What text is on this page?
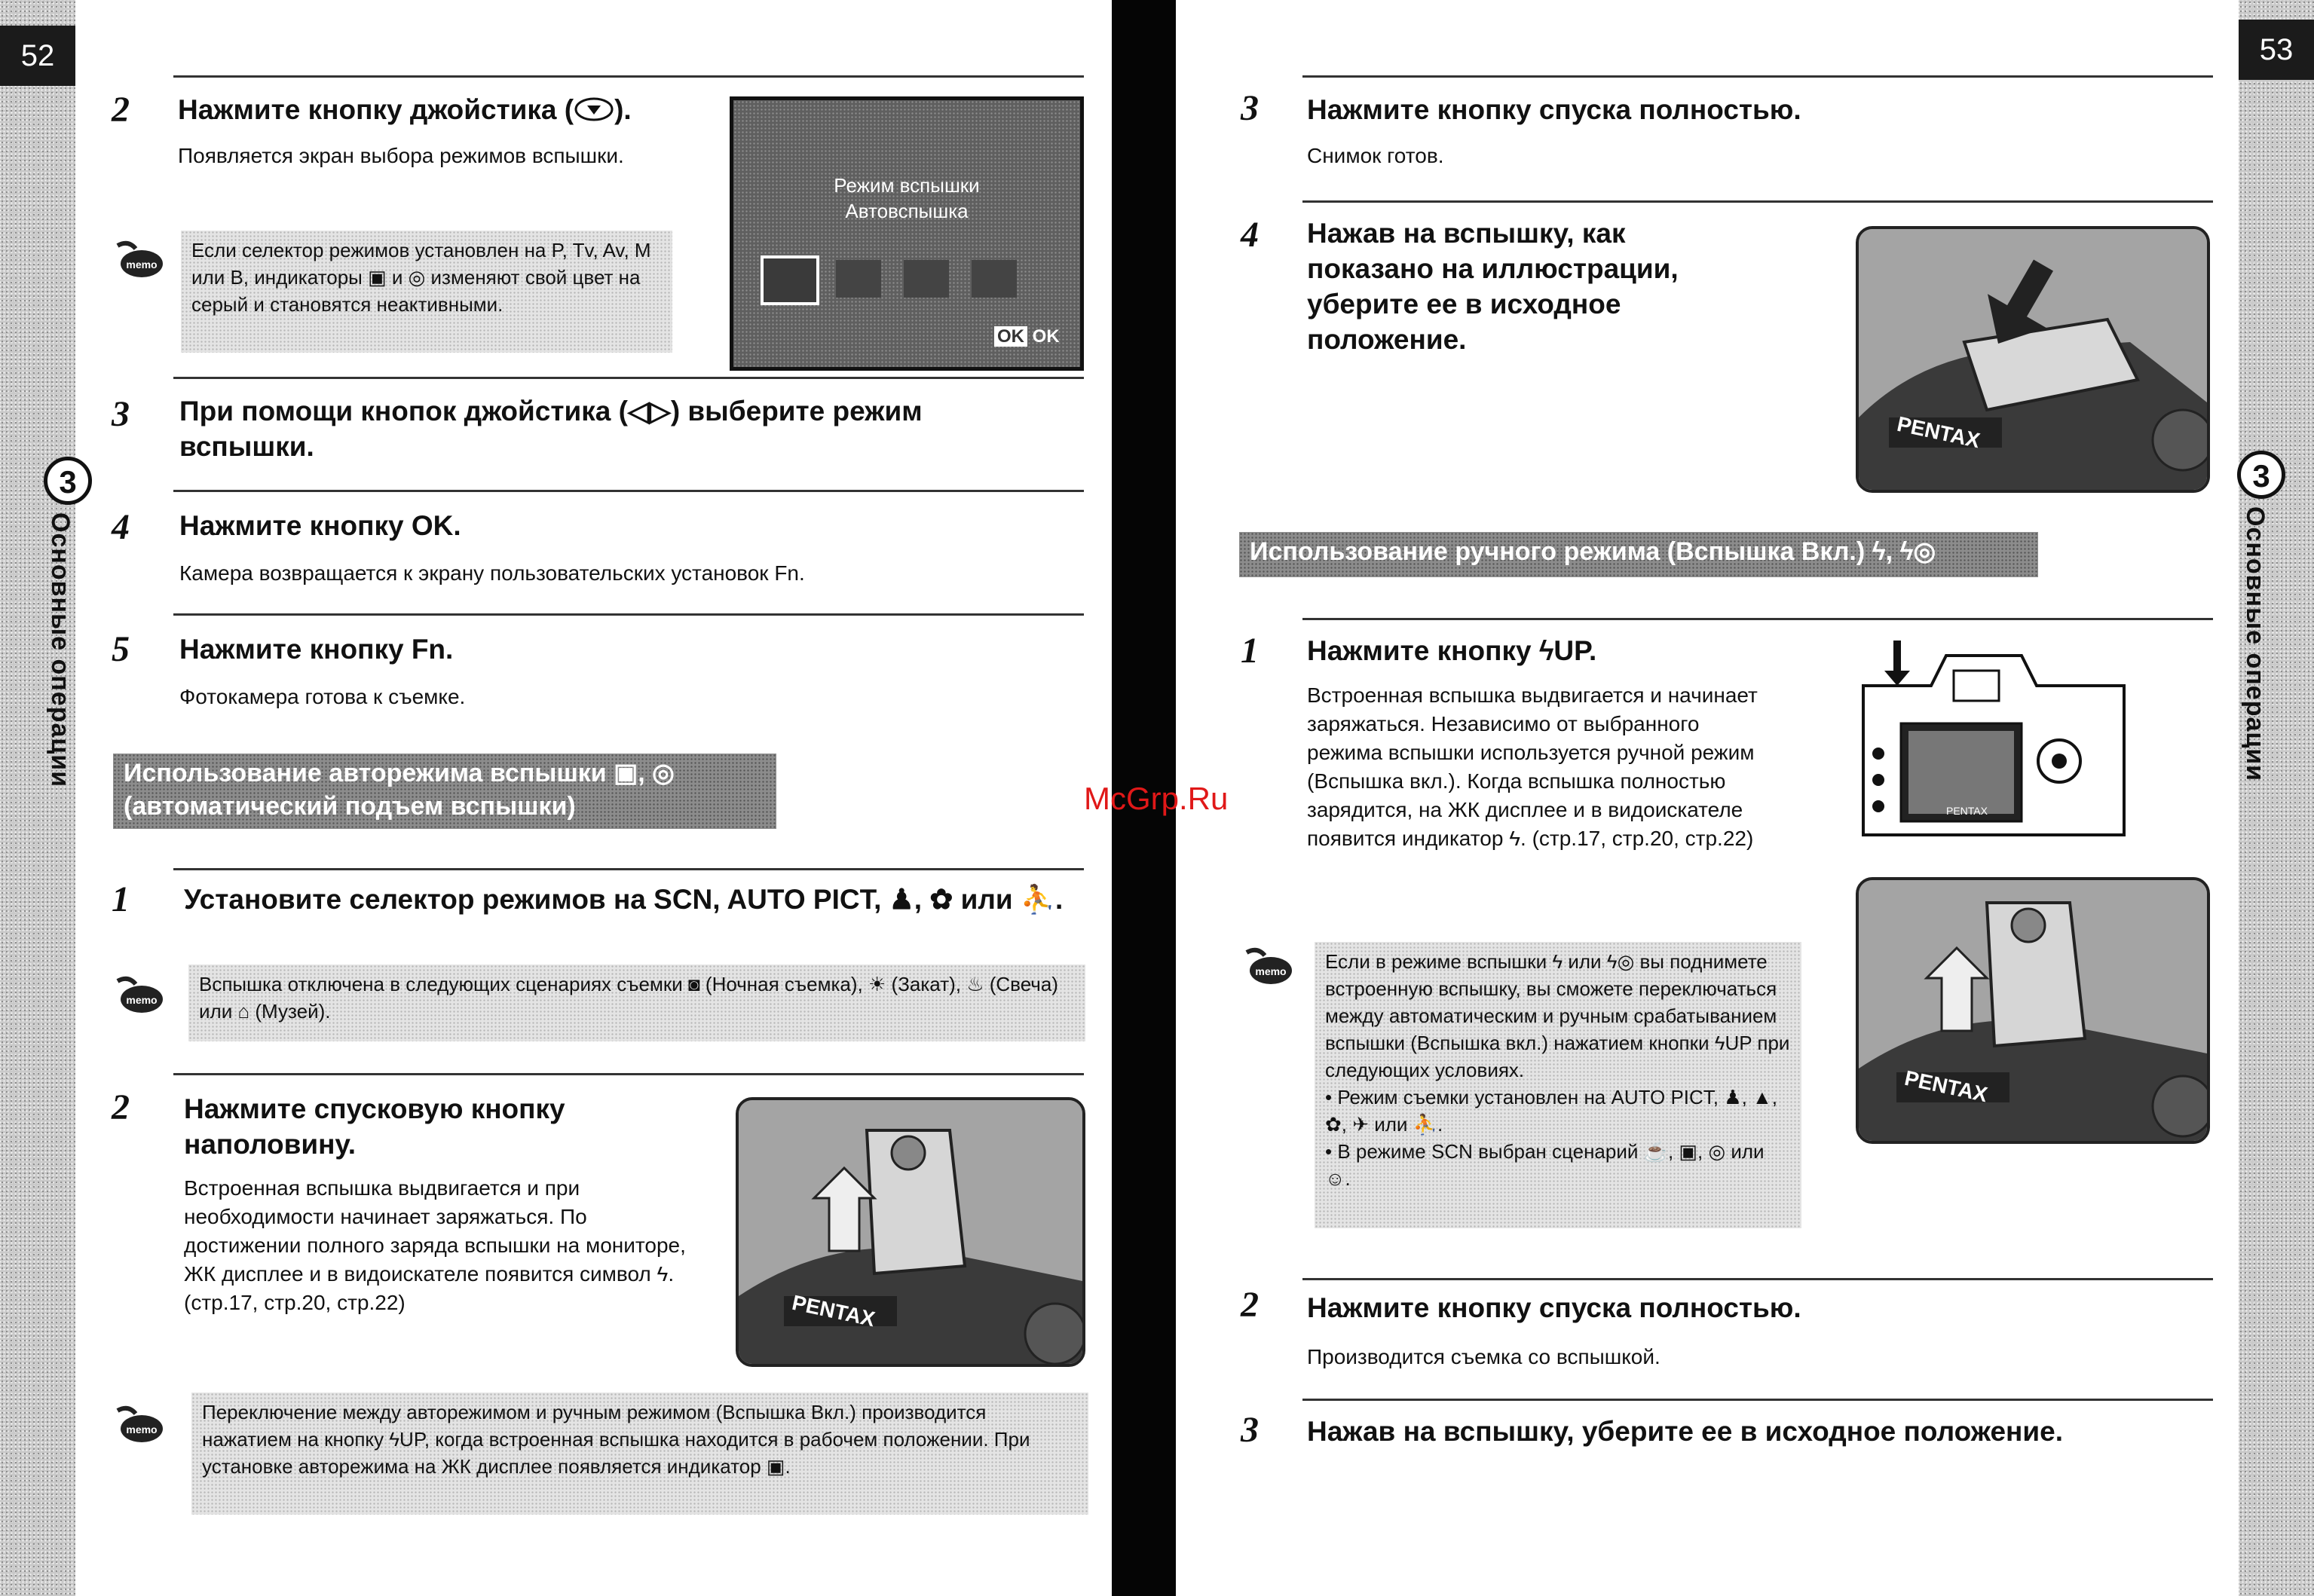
52	53
3
Основные операции
3
Основные операции
2 Нажмите кнопку джойстика ( ).
Появляется экран выбора режимов вспышки.
memo
Если селектор режимов установлен на P, Tv, Av, M или B, индикаторы ▣ и ◎ изменяют свой цвет на серый и становятся неактивными.
Режим вспышки
Автовспышка
OK OK
3 При помощи кнопок джойстика (◁▷) выберите режим вспышки.
4 Нажмите кнопку OK.
Камера возвращается к экрану пользовательских установок Fn.
5 Нажмите кнопку Fn.
Фотокамера готова к съемке.
Использование авторежима вспышки ▣, ◎ (автоматический подъем вспышки)
1 Установите селектор режимов на SCN, AUTO PICT, ♟, ✿ или ⛹.
memo
Вспышка отключена в следующих сценариях съемки ◙ (Ночная съемка), ☀ (Закат), ♨ (Свеча) или ⌂ (Музей).
2 Нажмите спусковую кнопку наполовину.
Встроенная вспышка выдвигается и при необходимости начинает заряжаться. По достижении полного заряда вспышки на мониторе, ЖК дисплее и в видоискателе появится символ ϟ. (стр.17, стр.20, стр.22)	PENTAX
memo
Переключение между авторежимом и ручным режимом (Вспышка Вкл.) производится нажатием на кнопку ϟUP, когда встроенная вспышка находится в рабочем положении. При установке авторежима на ЖК дисплее появляется индикатор ▣.
3 Нажмите кнопку спуска полностью.
Снимок готов.
4 Нажав на вспышку, как показано на иллюстрации, уберите ее в исходное положение.
PENTAX
Использование ручного режима (Вспышка Вкл.) ϟ, ϟ◎
1 Нажмите кнопку ϟUP.
Встроенная вспышка выдвигается и начинает заряжаться. Независимо от выбранного режима вспышки используется ручной режим (Вспышка вкл.). Когда вспышка полностью зарядится, на ЖК дисплее и в видоискателе появится индикатор ϟ. (стр.17, стр.20, стр.22)
PENTAX
PENTAX
memo Если в режиме вспышки ϟ или ϟ◎ вы поднимете встроенную вспышку, вы сможете переключаться между автоматическим и ручным срабатыванием вспышки (Вспышка вкл.) нажатием кнопки ϟUP при следующих условиях.
• Режим съемки установлен на AUTO PICT, ♟, ▲, ✿, ✈ или ⛹.
• В режиме SCN выбран сценарий ☕, ▣, ◎ или ☺.
2 Нажмите кнопку спуска полностью.
Производится съемка со вспышкой.
3 Нажав на вспышку, уберите ее в исходное положение.
McGrp.Ru
